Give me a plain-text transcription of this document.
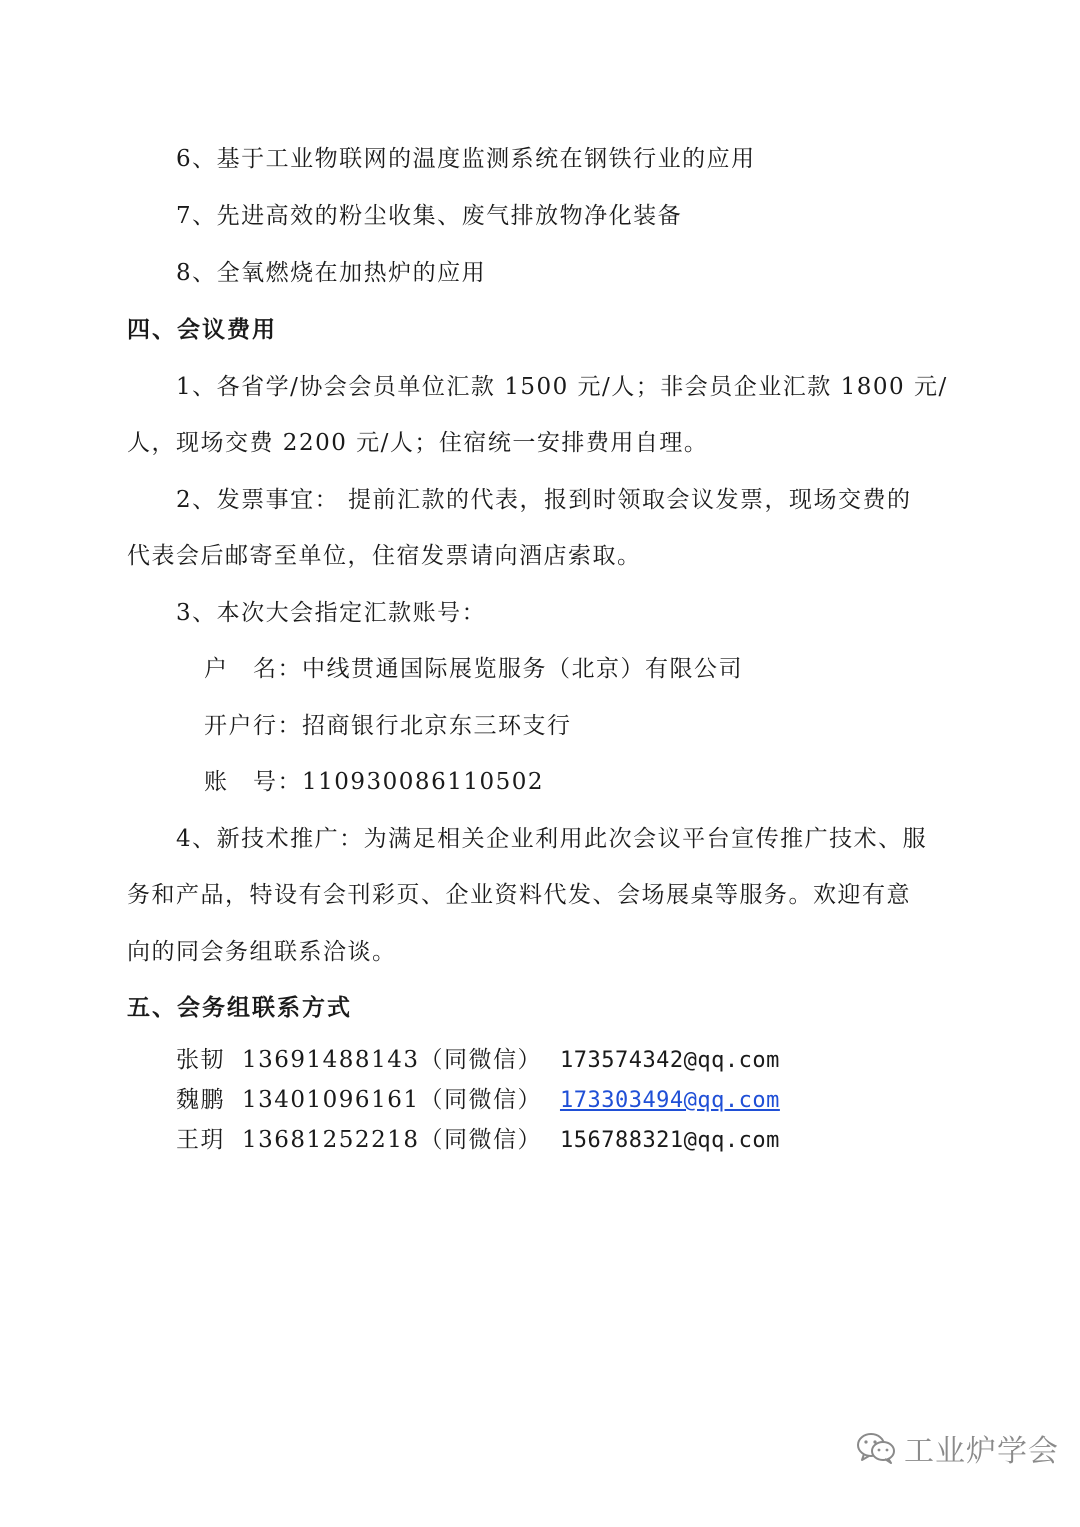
6、基于工业物联网的温度监测系统在钢铁行业的应用
7、先进高效的粉尘收集、废气排放物净化装备
8、全氧燃烧在加热炉的应用
四、会议费用
1、各省学/协会会员单位汇款 1500 元/人；非会员企业汇款 1800 元/
人，现场交费 2200 元/人；住宿统一安排费用自理。
2、发票事宜： 提前汇款的代表，报到时领取会议发票，现场交费的
代表会后邮寄至单位，住宿发票请向酒店索取。
3、本次大会指定汇款账号：
户　名：中线贯通国际展览服务（北京）有限公司
开户行：招商银行北京东三环支行
账　号：110930086110502
4、新技术推广：为满足相关企业利用此次会议平台宣传推广技术、服
务和产品，特设有会刊彩页、企业资料代发、会场展桌等服务。欢迎有意
向的同会务组联系洽谈。
五、会务组联系方式
张韧 13691488143（同微信） 173574342@qq.com
魏鹏 13401096161（同微信） 173303494@qq.com
王玥 13681252218（同微信） 156788321@qq.com
工业炉学会
